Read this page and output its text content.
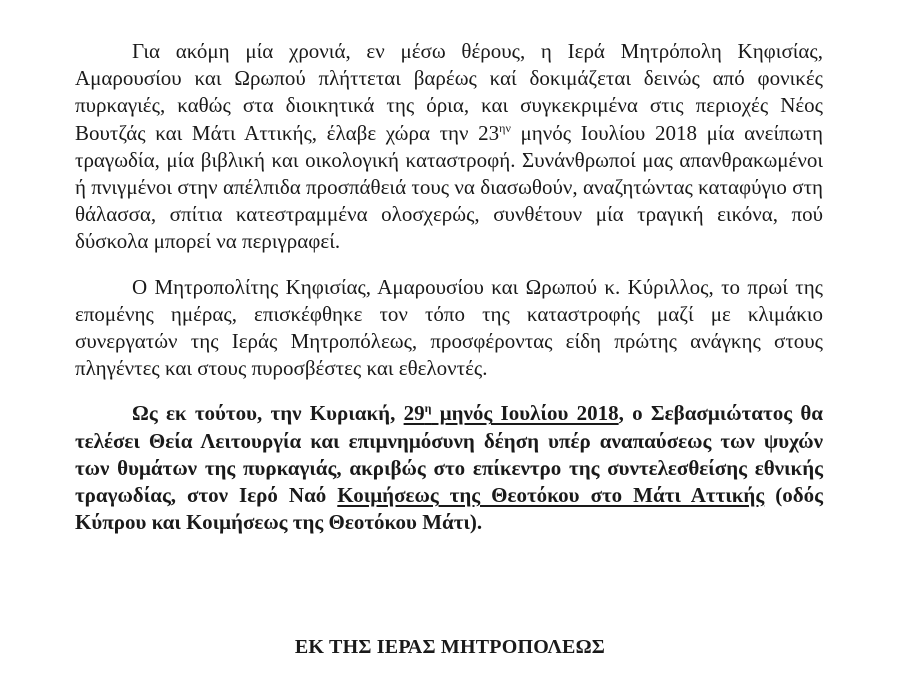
Για ακόμη μία χρονιά, εν μέσω θέρους, η Ιερά Μητρόπολη Κηφισίας, Αμαρουσίου και Ωρωπού πλήττεται βαρέως καί δοκιμάζεται δεινώς από φονικές πυρκαγιές, καθώς στα διοικητικά της όρια, και συγκεκριμένα στις περιοχές Νέος Βουτζάς και Μάτι Αττικής, έλαβε χώρα την $23^{\eta\nu}$ μηνός Ιουλίου 2018 μία ανείπωτη τραγωδία, μία βιβλική και οικολογική καταστροφή. Συνάνθρωποί μας απανθρακωμένοι ή πνιγμένοι στην απέλπιδα προσπάθειά τους να διασωθούν, αναζητώντας καταφύγιο στη θάλασσα, σπίτια κατεστραμμένα ολοσχερώς, συνθέτουν μία τραγική εικόνα, πού δύσκολα μπορεί να περιγραφεί.

Ο Μητροπολίτης Κηφισίας, Αμαρουσίου και Ωρωπού κ. Κύριλλος, το πρωί της επομένης ημέρας, επισκέφθηκε τον τόπο της καταστροφής μαζί με κλιμάκιο συνεργατών της Ιεράς Μητροπόλεως, προσφέροντας είδη πρώτης ανάγκης στους πληγέντες και στους πυροσβέστες και εθελοντές.

Ως εκ τούτου, την Κυριακή, $29^\eta$ μηνός Ιουλίου 2018, ο Σεβασμιώτατος θα τελέσει Θεία Λειτουργία και επιμνημόσυνη δέηση υπέρ αναπαύσεως των ψυχών των θυμάτων της πυρκαγιάς, ακριβώς στο επίκεντρο της συντελεσθείσης εθνικής τραγωδίας, στον Ιερό Ναό Κοιμήσεως της Θεοτόκου στο Μάτι Αττικής (οδός Κύπρου και Κοιμήσεως της Θεοτόκου Μάτι).

ΕΚ ΤΗΣ ΙΕΡΑΣ ΜΗΤΡΟΠΟΛΕΩΣ
